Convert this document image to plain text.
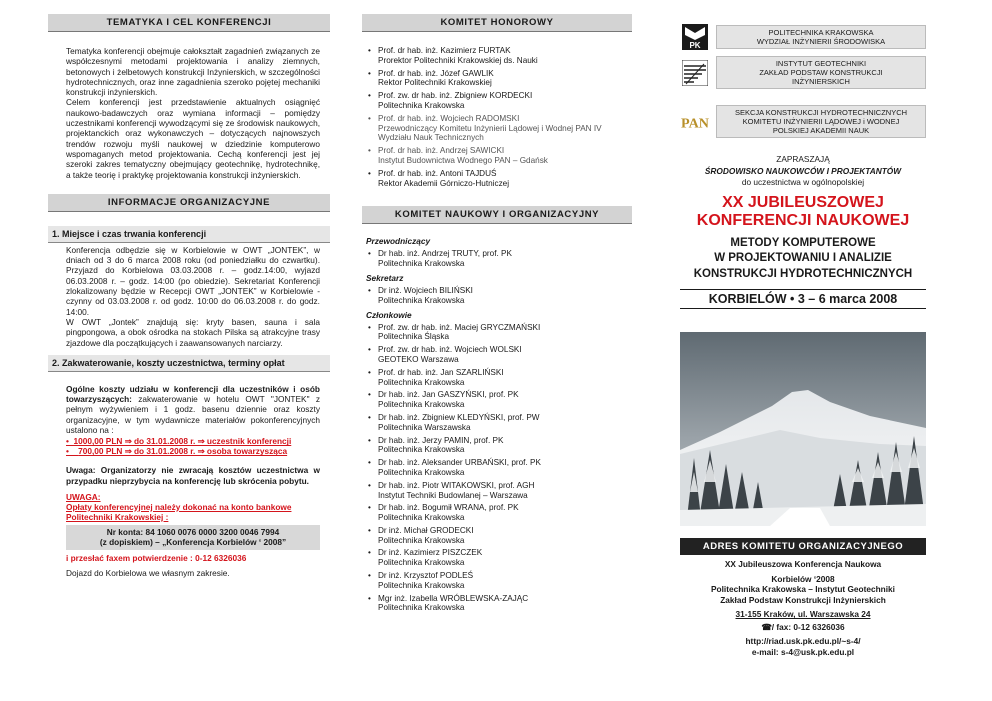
TEMATYKA I CEL KONFERENCJI

Tematyka konferencji obejmuje całokształt zagadnień związanych ze współczesnymi metodami projektowania i analizy ziemnych, betonowych i żelbetowych konstrukcji Inżynierskich, w szczególności hydrotechnicznych, oraz inne zagadnienia szeroko pojętej mechaniki konstrukcji inżynierskich.

Celem konferencji jest przedstawienie aktualnych osiągnięć naukowo-badawczych oraz wymiana informacji – pomiędzy uczestnikami konferencji wywodzącymi się ze środowisk naukowych, projektanckich oraz wykonawczych – dotyczących najnowszych trendów rozwoju myśli naukowej w dziedzinie komputerowo wspomaganych metod projektowania. Cechą konferencji jest jej szeroki zakres tematyczny obejmujący geotechnikę, hydrotechnikę, a także teorię i praktykę projektowania konstrukcji inżynierskich.

INFORMACJE ORGANIZACYJNE
1. Miejsce i czas trwania konferencji

Konferencja odbędzie się w Korbielowie w OWT „JONTEK”, w dniach od 3 do 6 marca 2008 roku (od poniedziałku do czwartku). Przyjazd do Korbielowa 03.03.2008 r. – godz.14:00, wyjazd 06.03.2008 r. – godz. 14:00 (po obiedzie). Sekretariat Konferencji zlokalizowany będzie w Recepcji OWT „JONTEK” w Korbielowie - czynny od 03.03.2008 r. od godz. 10:00 do 06.03.2008 r. do godz. 14:00.

W OWT „Jontek” znajdują się: kryty basen, sauna i sala pingpongowa, a obok ośrodka na stokach Pilska są atrakcyjne trasy zjazdowe dla początkujących i zaawansowanych narciarzy.

2. Zakwaterowanie, koszty uczestnictwa, terminy opłat

Ogólne koszty udziału w konferencji dla uczestników i osób towarzyszących: zakwaterowanie w hotelu OWT "JONTEK" z pełnym wyżywieniem i 1 godz. basenu dziennie oraz koszty organizacyjne, w tym wydawnicze materiałów pokonferencyjnych ustalono na :

•  1000,00 PLN ⇒ do 31.01.2008 r. ⇒ uczestnik konferencji
•    700,00 PLN ⇒ do 31.01.2008 r. ⇒ osoba towarzysząca

Uwaga: Organizatorzy nie zwracają kosztów uczestnictwa w przypadku nieprzybycia na konferencję lub skrócenia pobytu.

UWAGA:
Opłaty konferencyjnej należy dokonać na konto bankowe Politechniki Krakowskiej :
Nr konta: 84 1060 0076 0000 3200 0046 7994
(z dopiskiem) – „Konferencja Korbielów ‘ 2008”
i przesłać faxem potwierdzenie : 0-12 6326036
Dojazd do Korbielowa we własnym zakresie.
KOMITET HONOROWY
• Prof. dr hab. inż. Kazimierz FURTAK
Prorektor Politechniki Krakowskiej ds. Nauki
• Prof. dr hab. inż. Józef GAWLIK
Rektor Politechniki Krakowskiej
• Prof. zw. dr hab. inż. Zbigniew KORDECKI
Politechnika Krakowska
• Prof. dr hab. inż. Wojciech RADOMSKI
Przewodniczący Komitetu Inżynierii Lądowej i Wodnej PAN IV Wydziału Nauk Technicznych
• Prof. dr hab. inż. Andrzej SAWICKI
Instytut Budownictwa Wodnego PAN – Gdańsk
• Prof. dr hab. inż. Antoni TAJDUŚ
Rektor Akademii Górniczo-Hutniczej
KOMITET NAUKOWY I ORGANIZACYJNY
Przewodniczący
• Dr hab. inż. Andrzej TRUTY, prof. PK
Politechnika Krakowska
Sekretarz
• Dr inż. Wojciech BILIŃSKI
Politechnika Krakowska
Członkowie
• Prof. zw. dr hab. inż. Maciej GRYCZMAŃSKI
Politechnika Śląska
• Prof. zw. dr hab. inż. Wojciech WOLSKI
GEOTEKO Warszawa
• Prof. dr hab. inż. Jan SZARLIŃSKI
Politechnika Krakowska
• Dr hab. inż. Jan GASZYŃSKI, prof. PK
Politechnika Krakowska
• Dr hab. inż. Zbigniew KLEDYŃSKI, prof. PW
Politechnika Warszawska
• Dr hab. inż. Jerzy PAMIN, prof. PK
Politechnika Krakowska
• Dr hab. inż. Aleksander URBAŃSKI, prof. PK
Politechnika Krakowska
• Dr hab. inż. Piotr WITAKOWSKI, prof. AGH
Instytut Techniki Budowlanej – Warszawa
• Dr hab. inż. Bogumił WRANA, prof. PK
Politechnika Krakowska
• Dr inż. Michał GRODECKI
Politechnika Krakowska
• Dr inż. Kazimierz PISZCZEK
Politechnika Krakowska
• Dr inż. Krzysztof PODLEŚ
Politechnika Krakowska
• Mgr inż. Izabella WRÓBLEWSKA-ZAJĄC
Politechnika Krakowska
PK
POLITECHNIKA KRAKOWSKA
WYDZIAŁ INŻYNIERII ŚRODOWISKA
INSTYTUT GEOTECHNIKI
ZAKŁAD PODSTAW KONSTRUKCJI
INŻYNIERSKICH
PAN
SEKCJA KONSTRUKCJI HYDROTECHNICZNYCH
KOMITETU INŻYNIERII LĄDOWEJ i WODNEJ
POLSKIEJ AKADEMII NAUK
ZAPRASZAJĄ
ŚRODOWISKO NAUKOWCÓW I PROJEKTANTÓW
do uczestnictwa w ogólnopolskiej
XX JUBILEUSZOWEJ
KONFERENCJI NAUKOWEJ
METODY KOMPUTEROWE
W PROJEKTOWANIU I ANALIZIE
KONSTRUKCJI HYDROTECHNICZNYCH
KORBIELÓW • 3 – 6 marca 2008
ADRES KOMITETU ORGANIZACYJNEGO
XX Jubileuszowa Konferencja Naukowa
Korbielów ‘2008
Politechnika Krakowska – Instytut Geotechniki
Zakład Podstaw Konstrukcji Inżynierskich
31-155 Kraków, ul. Warszawska 24
☎/ fax: 0-12 6326036
http://riad.usk.pk.edu.pl/~s-4/
e-mail: s-4@usk.pk.edu.pl
